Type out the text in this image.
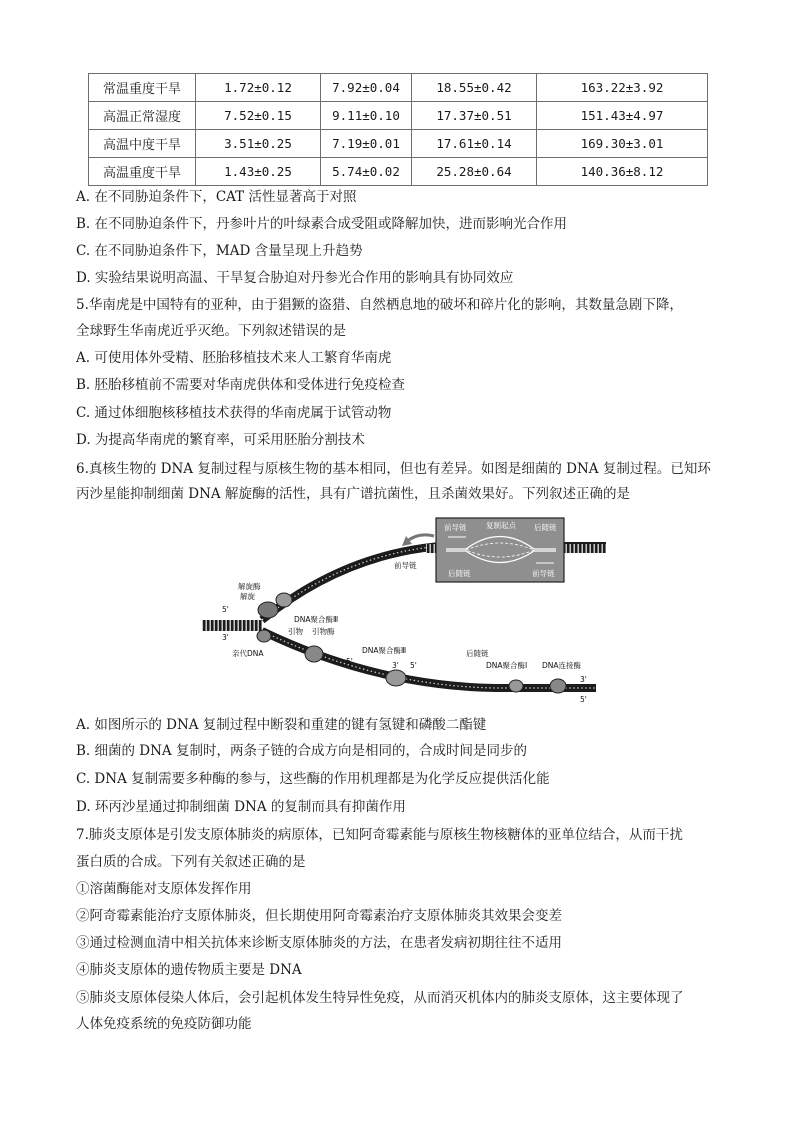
常温重度干旱	1.72±0.12	7.92±0.04	18.55±0.42	163.22±3.92
高温正常湿度	7.52±0.15	9.11±0.10	17.37±0.51	151.43±4.97
高温中度干旱	3.51±0.25	7.19±0.01	17.61±0.14	169.30±3.01
高温重度干旱	1.43±0.25	5.74±0.02	25.28±0.64	140.36±8.12
A. 在不同胁迫条件下，CAT 活性显著高于对照
B. 在不同胁迫条件下，丹参叶片的叶绿素合成受阻或降解加快，进而影响光合作用
C. 在不同胁迫条件下，MAD 含量呈现上升趋势
D. 实验结果说明高温、干旱复合胁迫对丹参光合作用的影响具有协同效应
5.华南虎是中国特有的亚种，由于猖獗的盗猎、自然栖息地的破坏和碎片化的影响，其数量急剧下降，
全球野生华南虎近乎灭绝。下列叙述错误的是
A. 可使用体外受精、胚胎移植技术来人工繁育华南虎
B. 胚胎移植前不需要对华南虎供体和受体进行免疫检查
C. 通过体细胞核移植技术获得的华南虎属于试管动物
D. 为提高华南虎的繁育率，可采用胚胎分割技术
6.真核生物的 DNA 复制过程与原核生物的基本相同，但也有差异。如图是细菌的 DNA 复制过程。已知环
丙沙星能抑制细菌 DNA 解旋酶的活性，具有广谱抗菌性，且杀菌效果好。下列叙述正确的是
前导链	复制起点 后随链
后随链	前导链
解旋酶
解旋
DNA聚合酶Ⅲ
引物 引物酶
亲代DNA
前导链
DNA聚合酶Ⅲ	后随链
DNA聚合酶Ⅰ DNA连接酶
5'
3'
5'	3' 5'
3'
5'
A. 如图所示的 DNA 复制过程中断裂和重建的键有氢键和磷酸二酯键
B. 细菌的 DNA 复制时，两条子链的合成方向是相同的，合成时间是同步的
C. DNA 复制需要多种酶的参与，这些酶的作用机理都是为化学反应提供活化能
D. 环丙沙星通过抑制细菌 DNA 的复制而具有抑菌作用
7.肺炎支原体是引发支原体肺炎的病原体，已知阿奇霉素能与原核生物核糖体的亚单位结合，从而干扰
蛋白质的合成。下列有关叙述正确的是
①溶菌酶能对支原体发挥作用
②阿奇霉素能治疗支原体肺炎，但长期使用阿奇霉素治疗支原体肺炎其效果会变差
③通过检测血清中相关抗体来诊断支原体肺炎的方法，在患者发病初期往往不适用
④肺炎支原体的遗传物质主要是 DNA
⑤肺炎支原体侵染人体后，会引起机体发生特异性免疫，从而消灭机体内的肺炎支原体，这主要体现了
人体免疫系统的免疫防御功能
